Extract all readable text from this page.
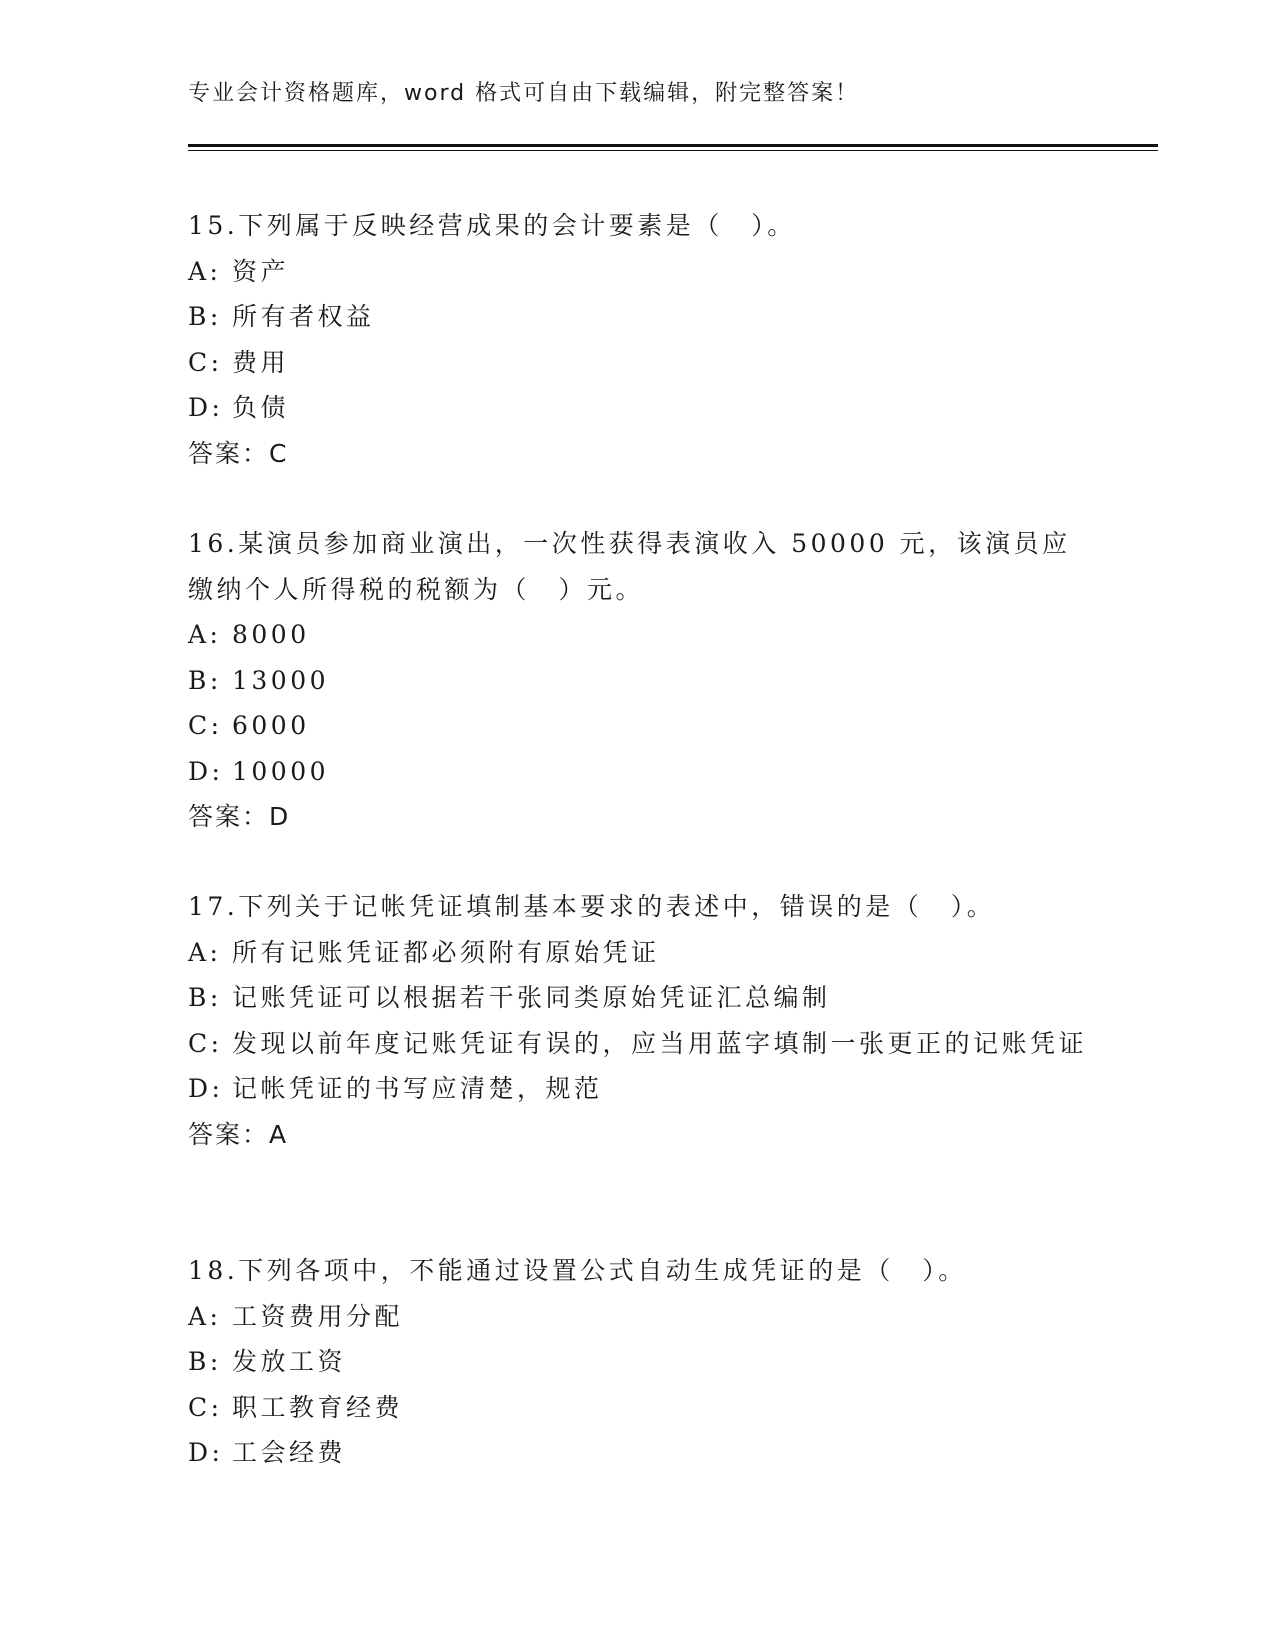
专业会计资格题库，word 格式可自由下载编辑，附完整答案！
15.下列属于反映经营成果的会计要素是（　）。
A: 资产
B: 所有者权益
C: 费用
D: 负债
答案：C
16.某演员参加商业演出，一次性获得表演收入 50000 元，该演员应缴纳个人所得税的税额为（　）元。
A: 8000
B: 13000
C: 6000
D: 10000
答案：D
17.下列关于记帐凭证填制基本要求的表述中，错误的是（　）。
A: 所有记账凭证都必须附有原始凭证
B: 记账凭证可以根据若干张同类原始凭证汇总编制
C: 发现以前年度记账凭证有误的，应当用蓝字填制一张更正的记账凭证
D: 记帐凭证的书写应清楚，规范
答案：A
18.下列各项中，不能通过设置公式自动生成凭证的是（　）。
A: 工资费用分配
B: 发放工资
C: 职工教育经费
D: 工会经费
